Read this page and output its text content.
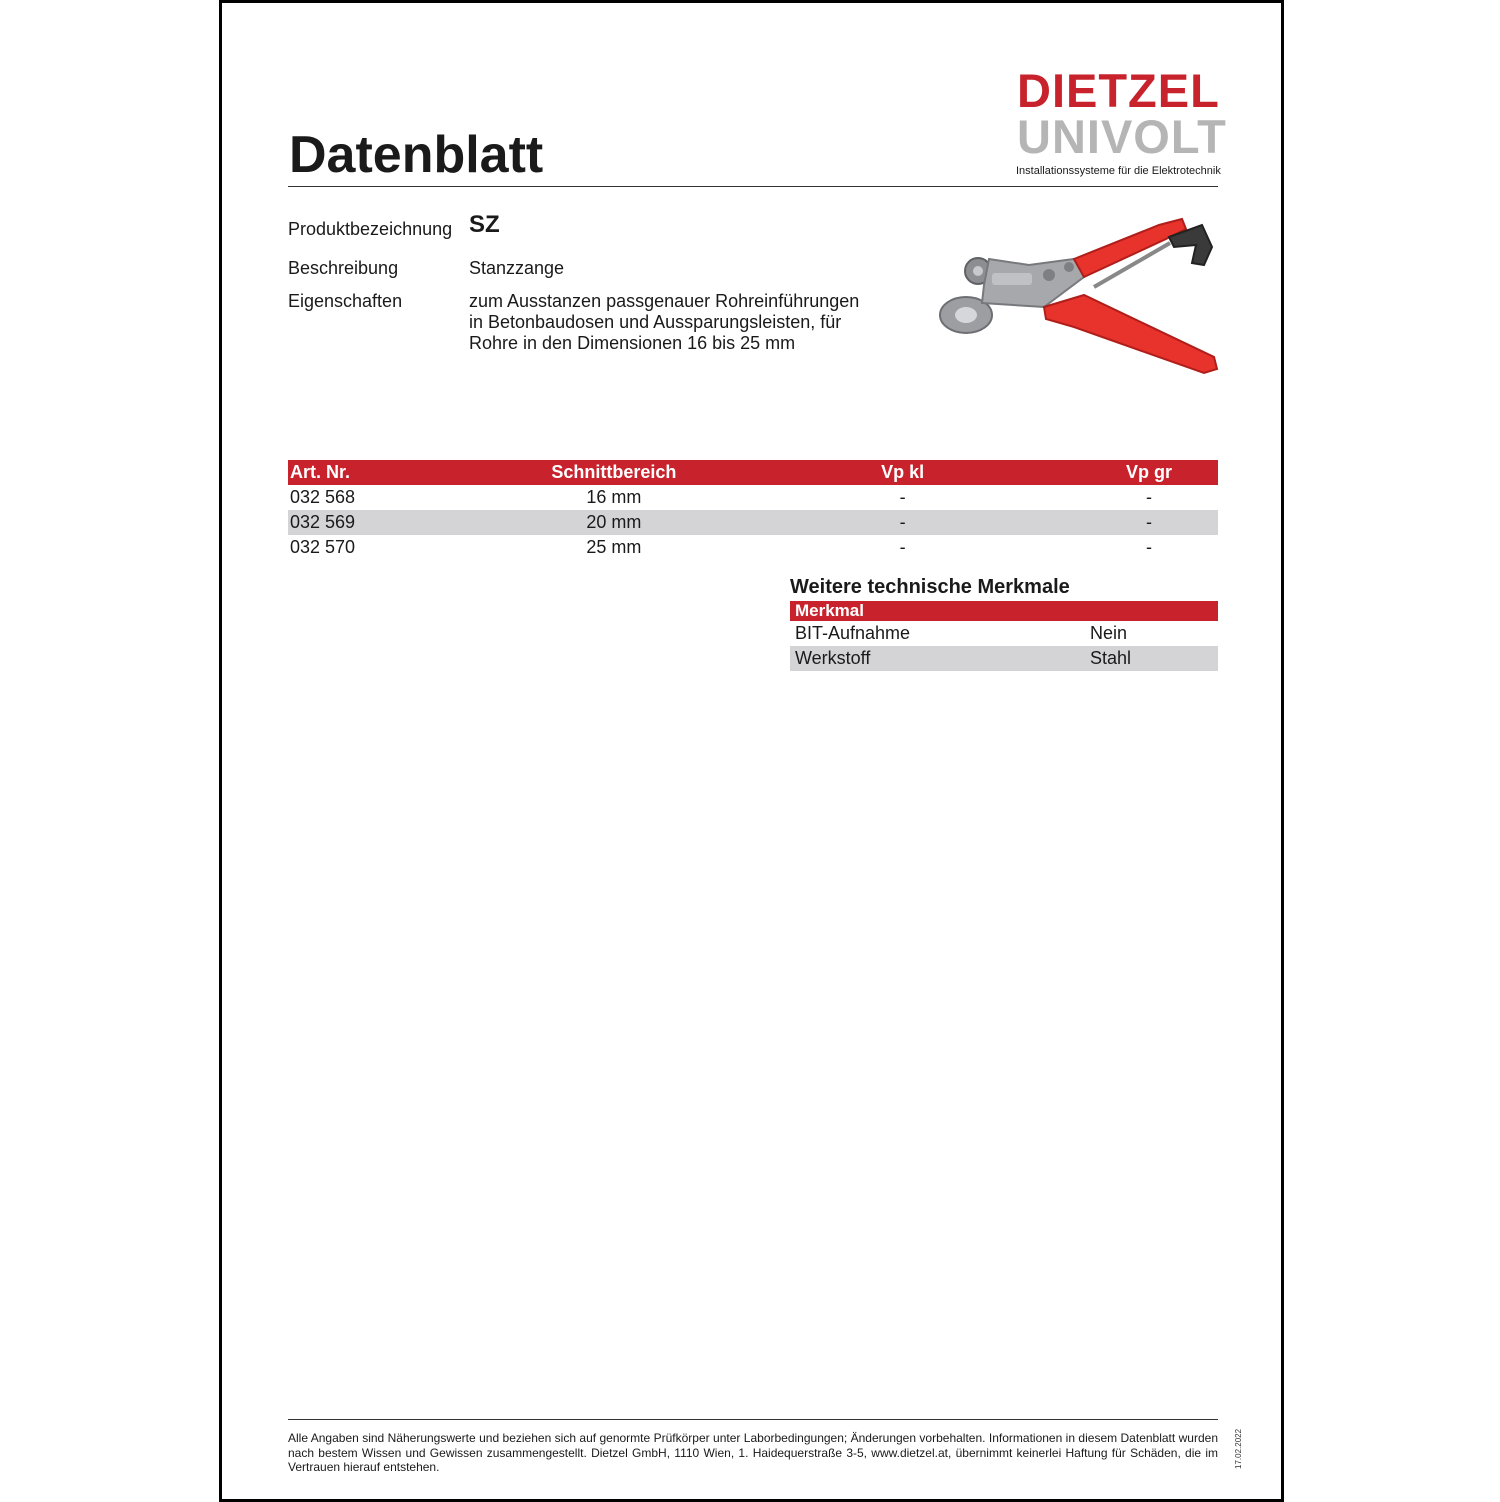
Datenblatt
DIETZEL
UNIVOLT
Installationssysteme für die Elektrotechnik
Produktbezeichnung SZ
Beschreibung	Stanzzange
Eigenschaften	zum Ausstanzen passgenauer Rohreinführungen
in Betonbaudosen und Aussparungsleisten, für
Rohre in den Dimensionen 16 bis 25 mm
Art. Nr.	Schnittbereich	Vp kl	Vp gr
032 568	16 mm	-	-
032 569	20 mm	-	-
032 570	25 mm	-	-
Weitere technische Merkmale
Merkmal	
BIT-Aufnahme	Nein
Werkstoff	Stahl
Alle Angaben sind Näherungswerte und beziehen sich auf genormte Prüfkörper unter Laborbedingungen; Änderungen vorbehalten. Informationen in diesem Datenblatt wurden nach bestem Wissen und Gewissen zusammengestellt. Dietzel GmbH, 1110 Wien, 1. Haidequerstraße 3-5, www.dietzel.at, übernimmt keinerlei Haftung für Schäden, die im Vertrauen hierauf entstehen.	17.02.2022
